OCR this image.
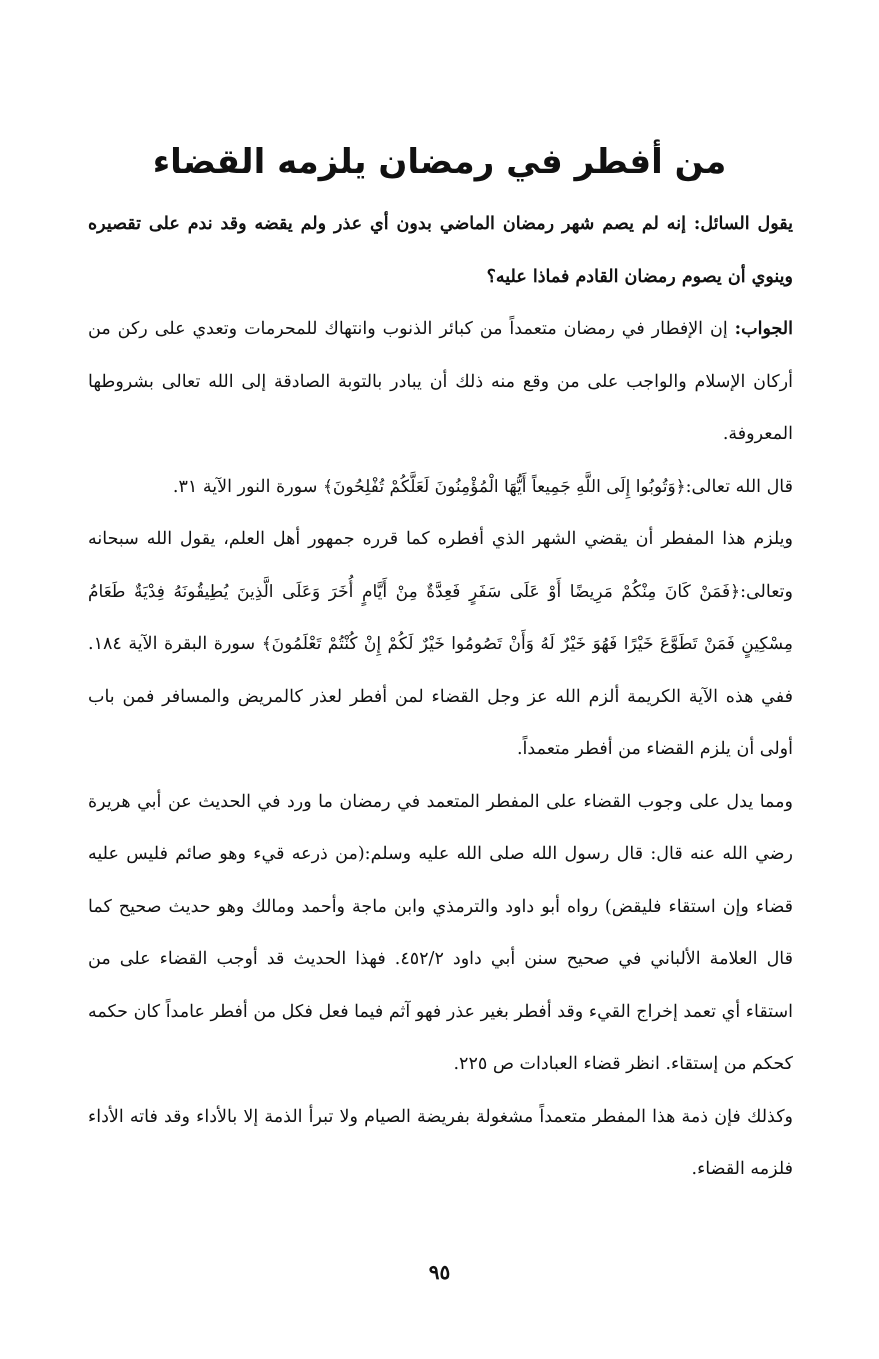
من أفطر في رمضان يلزمه القضاء

يقول السائل: إنه لم يصم شهر رمضان الماضي بدون أي عذر ولم يقضه وقد ندم على تقصيره وينوي أن يصوم رمضان القادم فماذا عليه؟

الجواب: إن الإفطار في رمضان متعمداً من كبائر الذنوب وانتهاك للمحرمات وتعدي على ركن من أركان الإسلام والواجب على من وقع منه ذلك أن يبادر بالتوبة الصادقة إلى الله تعالى بشروطها المعروفة.

قال الله تعالى:﴿وَتُوبُوا إِلَى اللَّهِ جَمِيعاً أَيُّهَا الْمُؤْمِنُونَ لَعَلَّكُمْ تُفْلِحُونَ﴾ سورة النور الآية ٣١.

ويلزم هذا المفطر أن يقضي الشهر الذي أفطره كما قرره جمهور أهل العلم، يقول الله سبحانه وتعالى:﴿فَمَنْ كَانَ مِنْكُمْ مَرِيضًا أَوْ عَلَى سَفَرٍ فَعِدَّةٌ مِنْ أَيَّامٍ أُخَرَ وَعَلَى الَّذِينَ يُطِيقُونَهُ فِدْيَةٌ طَعَامُ مِسْكِينٍ فَمَنْ تَطَوَّعَ خَيْرًا فَهُوَ خَيْرٌ لَهُ وَأَنْ تَصُومُوا خَيْرٌ لَكُمْ إِنْ كُنْتُمْ تَعْلَمُونَ﴾ سورة البقرة الآية ١٨٤. ففي هذه الآية الكريمة ألزم الله عز وجل القضاء لمن أفطر لعذر كالمريض والمسافر فمن باب أولى أن يلزم القضاء من أفطر متعمداً.

ومما يدل على وجوب القضاء على المفطر المتعمد في رمضان ما ورد في الحديث عن أبي هريرة رضي الله عنه قال: قال رسول الله صلى الله عليه وسلم:(من ذرعه قيء وهو صائم فليس عليه قضاء وإن استقاء فليقض) رواه أبو داود والترمذي وابن ماجة وأحمد ومالك وهو حديث صحيح كما قال العلامة الألباني في صحيح سنن أبي داود ٤٥٢/٢. فهذا الحديث قد أوجب القضاء على من استقاء أي تعمد إخراج القيء وقد أفطر بغير عذر فهو آثم فيما فعل فكل من أفطر عامداً كان حكمه كحكم من إستقاء. انظر قضاء العبادات ص ٢٢٥.

وكذلك فإن ذمة هذا المفطر متعمداً مشغولة بفريضة الصيام ولا تبرأ الذمة إلا بالأداء وقد فاته الأداء فلزمه القضاء.

٩٥
